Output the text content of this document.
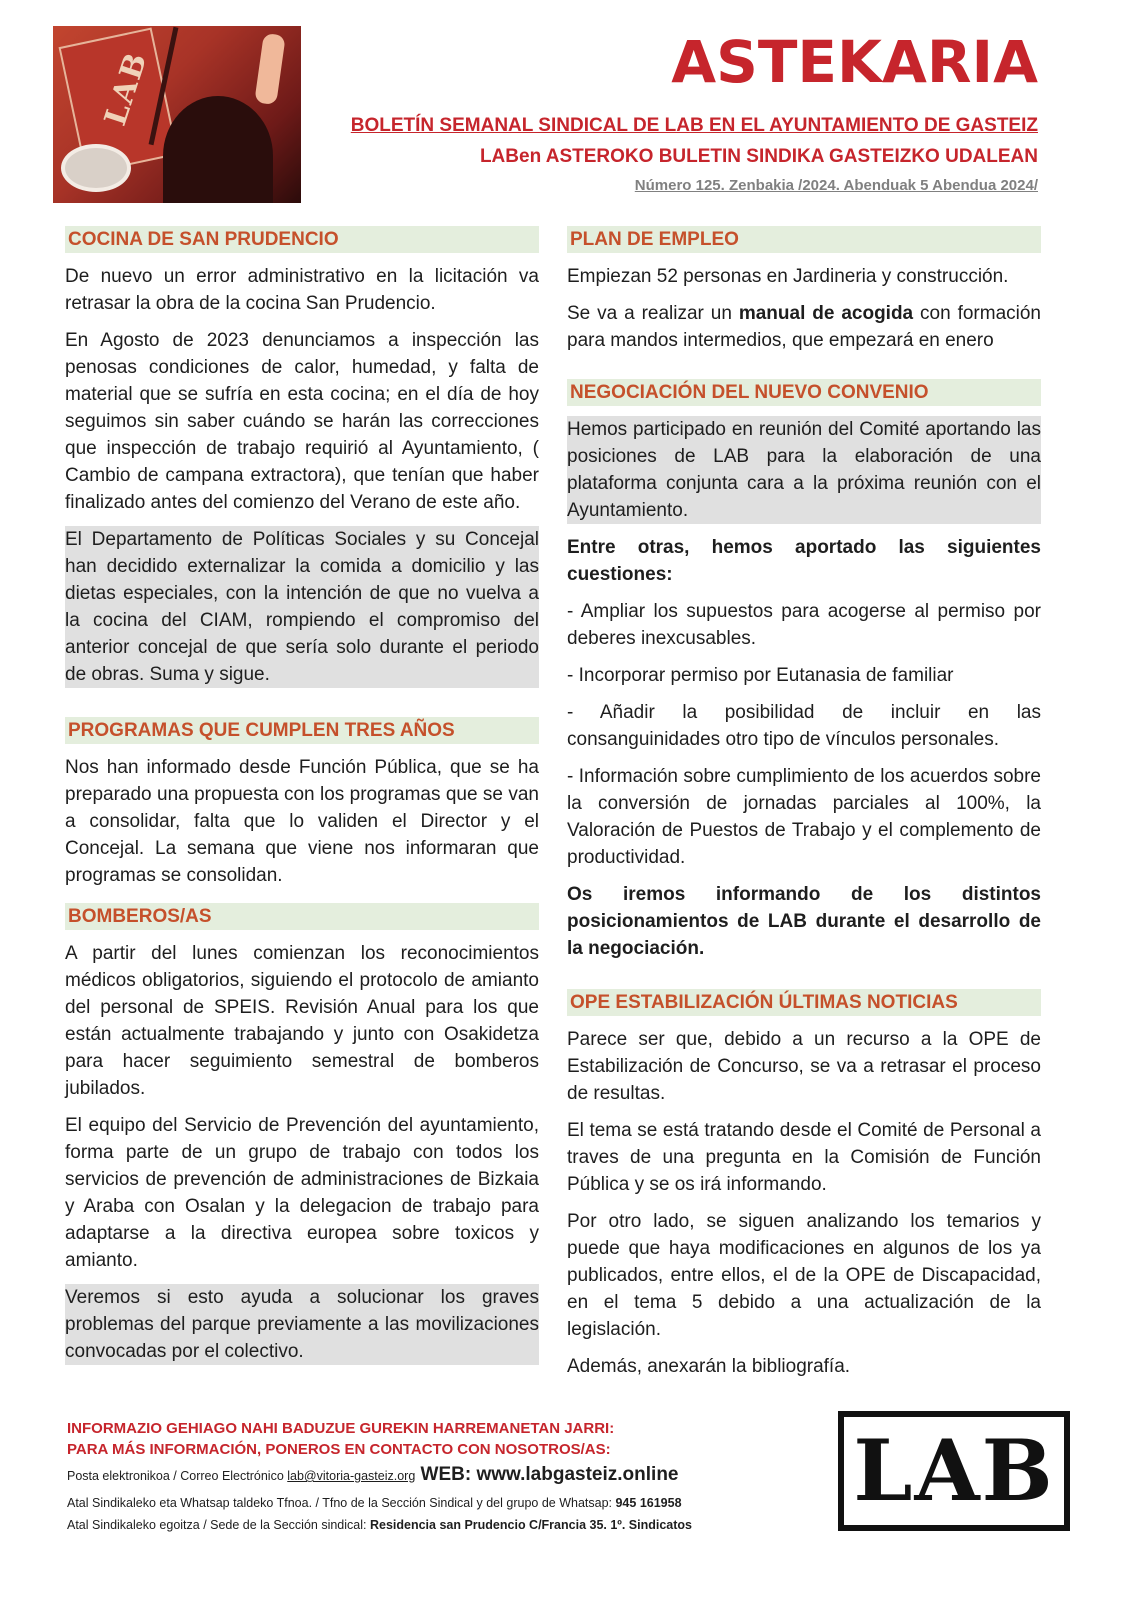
LAB	ASTEKARIA
BOLETÍN SEMANAL SINDICAL DE LAB EN EL AYUNTAMIENTO DE GASTEIZ
LABen ASTEROKO BULETIN SINDIKA GASTEIZKO UDALEAN
Número 125. Zenbakia /2024. Abenduak 5 Abendua 2024/
COCINA DE SAN PRUDENCIO

De nuevo un error administrativo en la licitación va retrasar la obra de la cocina San Prudencio.

En Agosto de 2023 denunciamos a inspección las penosas condiciones de calor, humedad, y falta de material que se sufría en esta cocina; en el día de hoy seguimos sin saber cuándo se harán las correcciones que inspección de trabajo requirió al Ayuntamiento, ( Cambio de campana extractora), que tenían que haber finalizado antes del comienzo del Verano de este año.

El Departamento de Políticas Sociales y su Concejal han decidido externalizar la comida a domicilio y las dietas especiales, con la intención de que no vuelva a la cocina del CIAM, rompiendo el compromiso del anterior concejal de que sería solo durante el periodo de obras. Suma y sigue.

PROGRAMAS QUE CUMPLEN TRES AÑOS

Nos han informado desde Función Pública, que se ha preparado una propuesta con los programas que se van a consolidar, falta que lo validen el Director y el Concejal. La semana que viene nos informaran que programas se consolidan.

BOMBEROS/AS

A partir del lunes comienzan los reconocimientos médicos obligatorios, siguiendo el protocolo de amianto del personal de SPEIS. Revisión Anual para los que están actualmente trabajando y junto con Osakidetza para hacer seguimiento semestral de bomberos jubilados.

El equipo del Servicio de Prevención del ayuntamiento, forma parte de un grupo de trabajo con todos los servicios de prevención de administraciones de Bizkaia y Araba con Osalan y la delegacion de trabajo para adaptarse a la directiva europea sobre toxicos y amianto.

Veremos si esto ayuda a solucionar los graves problemas del parque previamente a las movilizaciones convocadas por el colectivo.

PLAN DE EMPLEO

Empiezan 52 personas en Jardineria y construcción.

Se va a realizar un manual de acogida con formación para mandos intermedios, que empezará en enero

NEGOCIACIÓN DEL NUEVO CONVENIO

Hemos participado en reunión del Comité aportando las posiciones de LAB para la elaboración de una plataforma conjunta cara a la próxima reunión con el Ayuntamiento.

Entre otras, hemos aportado las siguientes cuestiones:

- Ampliar los supuestos para acogerse al permiso por deberes inexcusables.

- Incorporar permiso por Eutanasia de familiar

- Añadir la posibilidad de incluir en las consanguinidades otro tipo de vínculos personales.

- Información sobre cumplimiento de los acuerdos sobre la conversión de jornadas parciales al 100%, la Valoración de Puestos de Trabajo y el complemento de productividad.

Os iremos informando de los distintos posicionamientos de LAB durante el desarrollo de la negociación.

OPE ESTABILIZACIÓN ÚLTIMAS NOTICIAS

Parece ser que, debido a un recurso a la OPE de Estabilización de Concurso, se va a retrasar el proceso de resultas.

El tema se está tratando desde el Comité de Personal a traves de una pregunta en la Comisión de Función Pública y se os irá informando.

Por otro lado, se siguen analizando los temarios y puede que haya modificaciones en algunos de los ya publicados, entre ellos, el de la OPE de Discapacidad, en el tema 5 debido a una actualización de la legislación.

Además, anexarán la bibliografía.

INFORMAZIO GEHIAGO NAHI BADUZUE GUREKIN HARREMANETAN JARRI:
PARA MÁS INFORMACIÓN, PONEROS EN CONTACTO CON NOSOTROS/AS:
Posta elektronikoa / Correo Electrónico lab@vitoria-gasteiz.org WEB: www.labgasteiz.online
Atal Sindikaleko eta Whatsap taldeko Tfnoa. / Tfno de la Sección Sindical y del grupo de Whatsap: 945 161958
Atal Sindikaleko egoitza / Sede de la Sección sindical: Residencia san Prudencio C/Francia 35. 1º. Sindicatos
LAB
